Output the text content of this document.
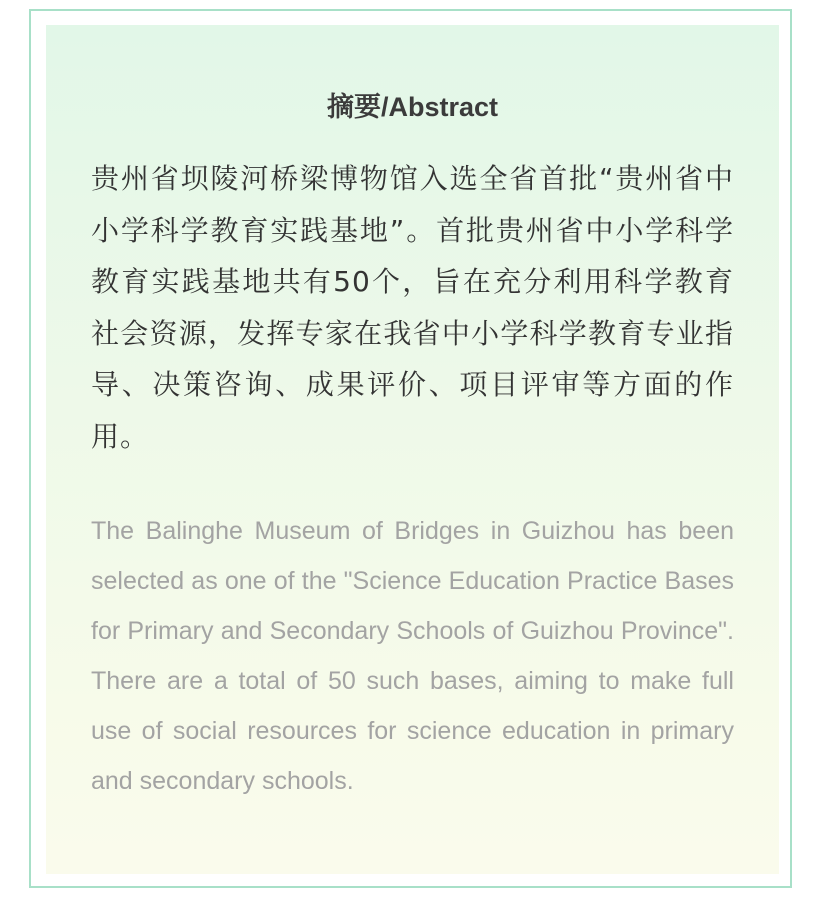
摘要/Abstract

贵州省坝陵河桥梁博物馆入选全省首批“贵州省中小学科学教育实践基地”。首批贵州省中小学科学教育实践基地共有50个，旨在充分利用科学教育社会资源，发挥专家在我省中小学科学教育专业指导、决策咨询、成果评价、项目评审等方面的作用。

The Balinghe Museum of Bridges in Guizhou has been selected as one of the "Science Education Practice Bases for Primary and Secondary Schools of Guizhou Province". There are a total of 50 such bases, aiming to make full use of social resources for science education in primary and secondary schools.
